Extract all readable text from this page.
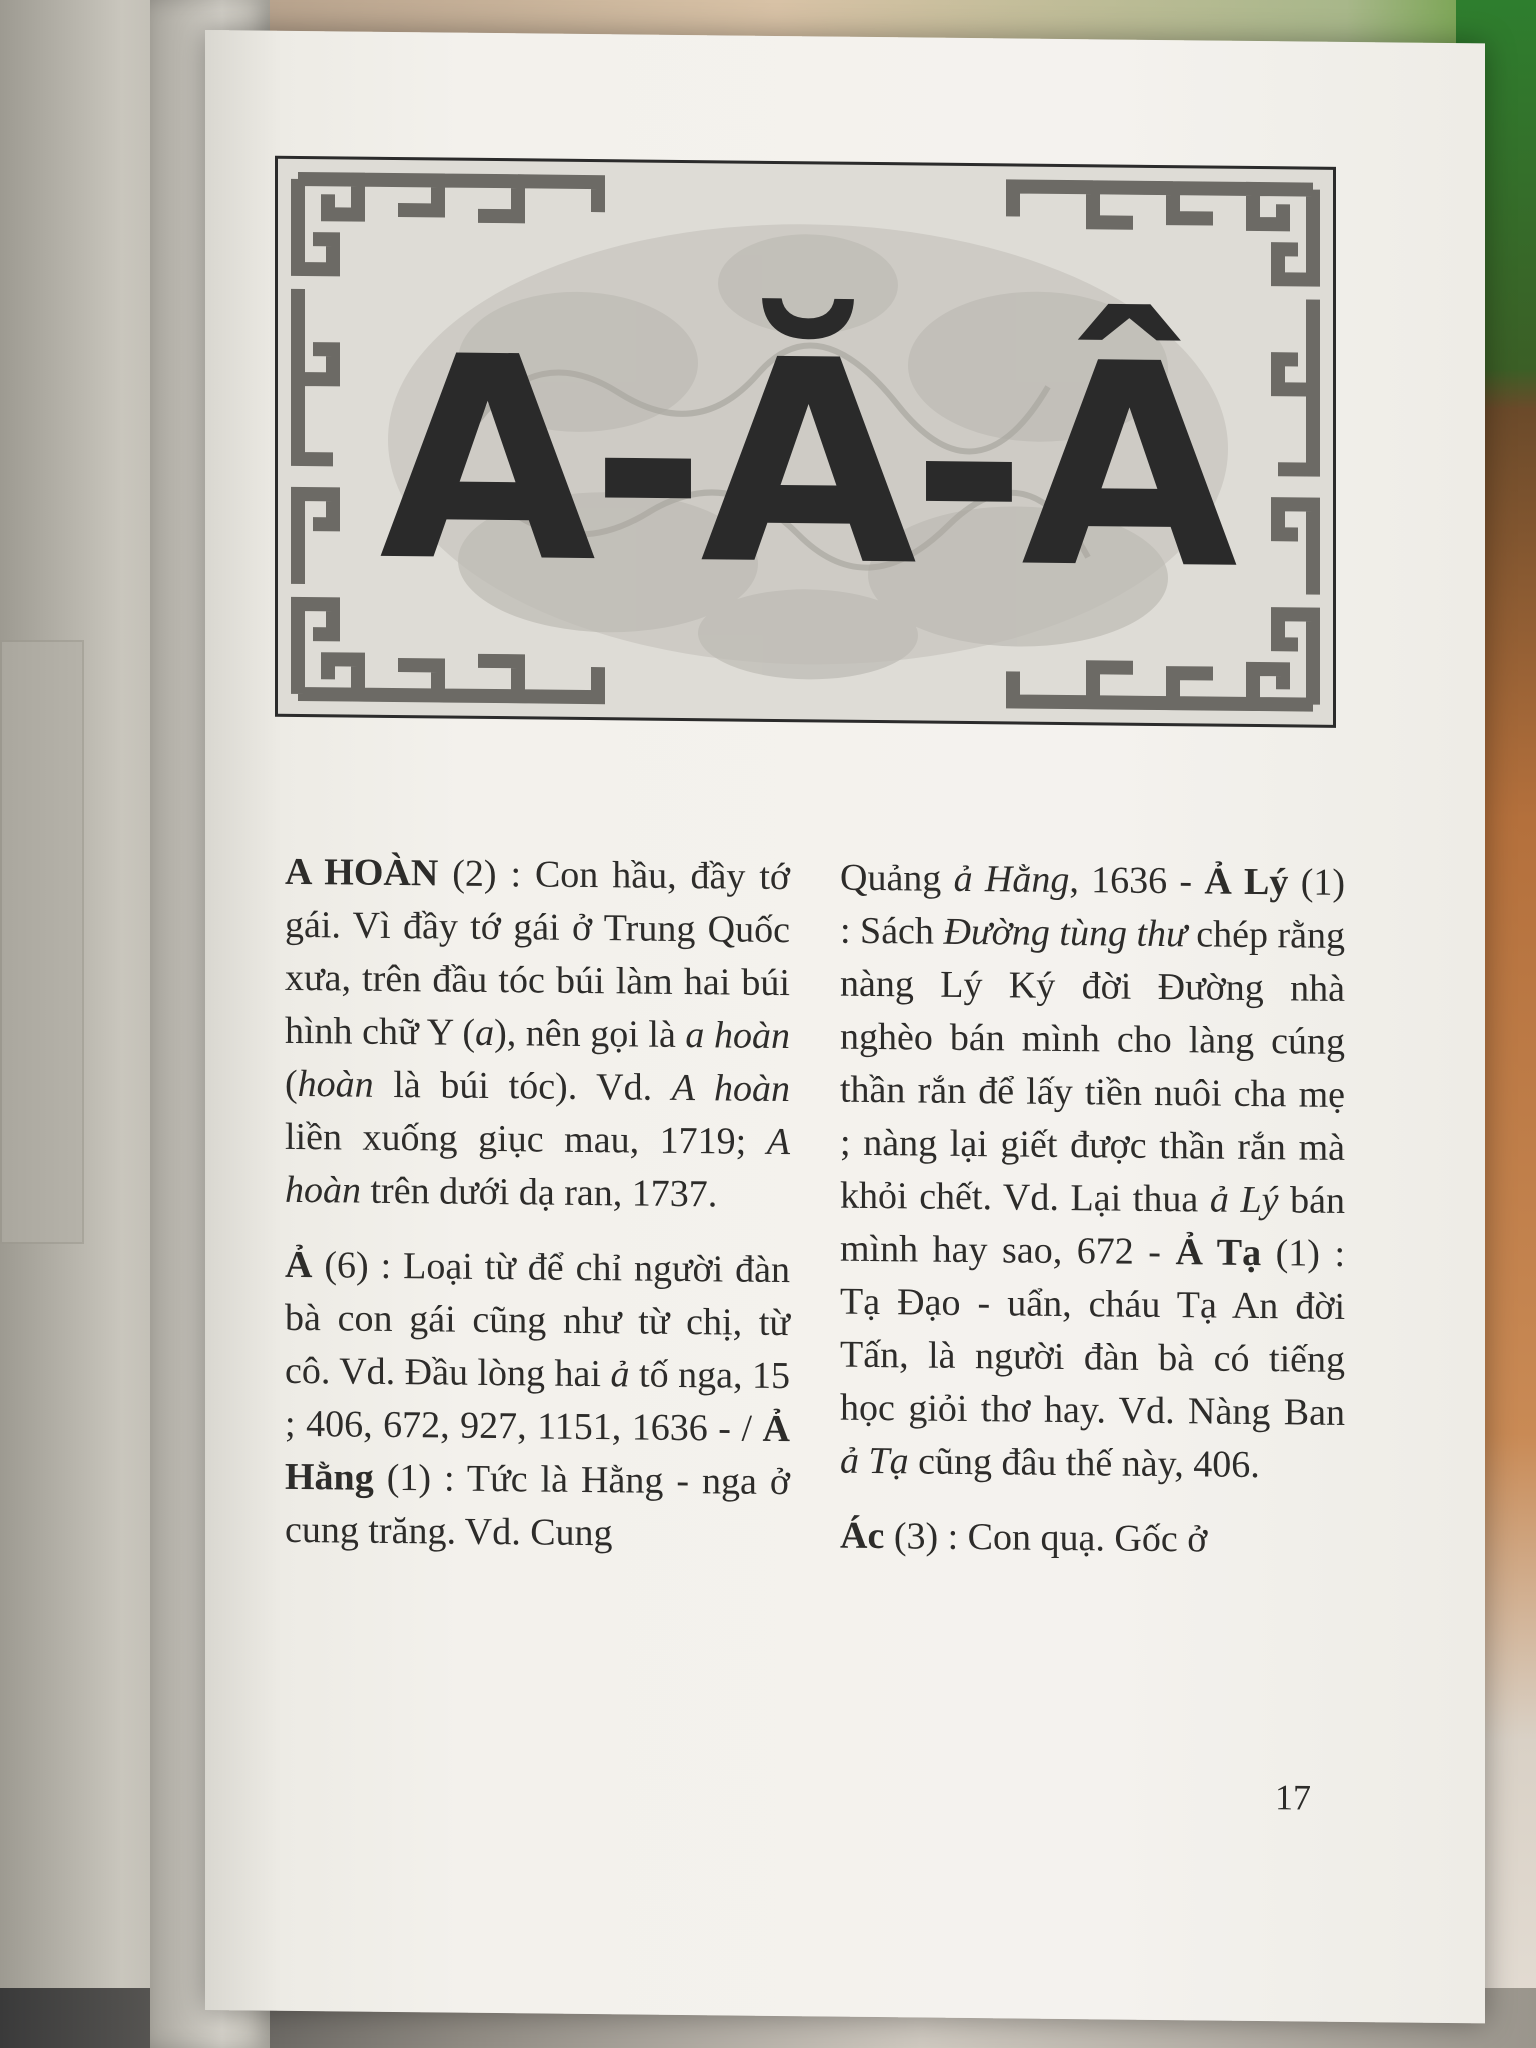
A-Ă-Â

A HOÀN (2) : Con hầu, đầy tớ gái. Vì đầy tớ gái ở Trung Quốc xưa, trên đầu tóc búi làm hai búi hình chữ Y (a), nên gọi là a hoàn (hoàn là búi tóc). Vd. A hoàn liền xuống giục mau, 1719; A hoàn trên dưới dạ ran, 1737.

Ả (6) : Loại từ để chỉ người đàn bà con gái cũng như từ chị, từ cô. Vd. Đầu lòng hai ả tố nga, 15 ; 406, 672, 927, 1151, 1636 - / Ả Hằng (1) : Tức là Hằng - nga ở cung trăng. Vd. Cung

Quảng ả Hằng, 1636 - Ả Lý (1) : Sách Đường tùng thư chép rằng nàng Lý Ký đời Đường nhà nghèo bán mình cho làng cúng thần rắn để lấy tiền nuôi cha mẹ ; nàng lại giết được thần rắn mà khỏi chết. Vd. Lại thua ả Lý bán mình hay sao, 672 - Ả Tạ (1) : Tạ Đạo - uẩn, cháu Tạ An đời Tấn, là người đàn bà có tiếng học giỏi thơ hay. Vd. Nàng Ban ả Tạ cũng đâu thế này, 406.

Ác (3) : Con quạ. Gốc ở

17
